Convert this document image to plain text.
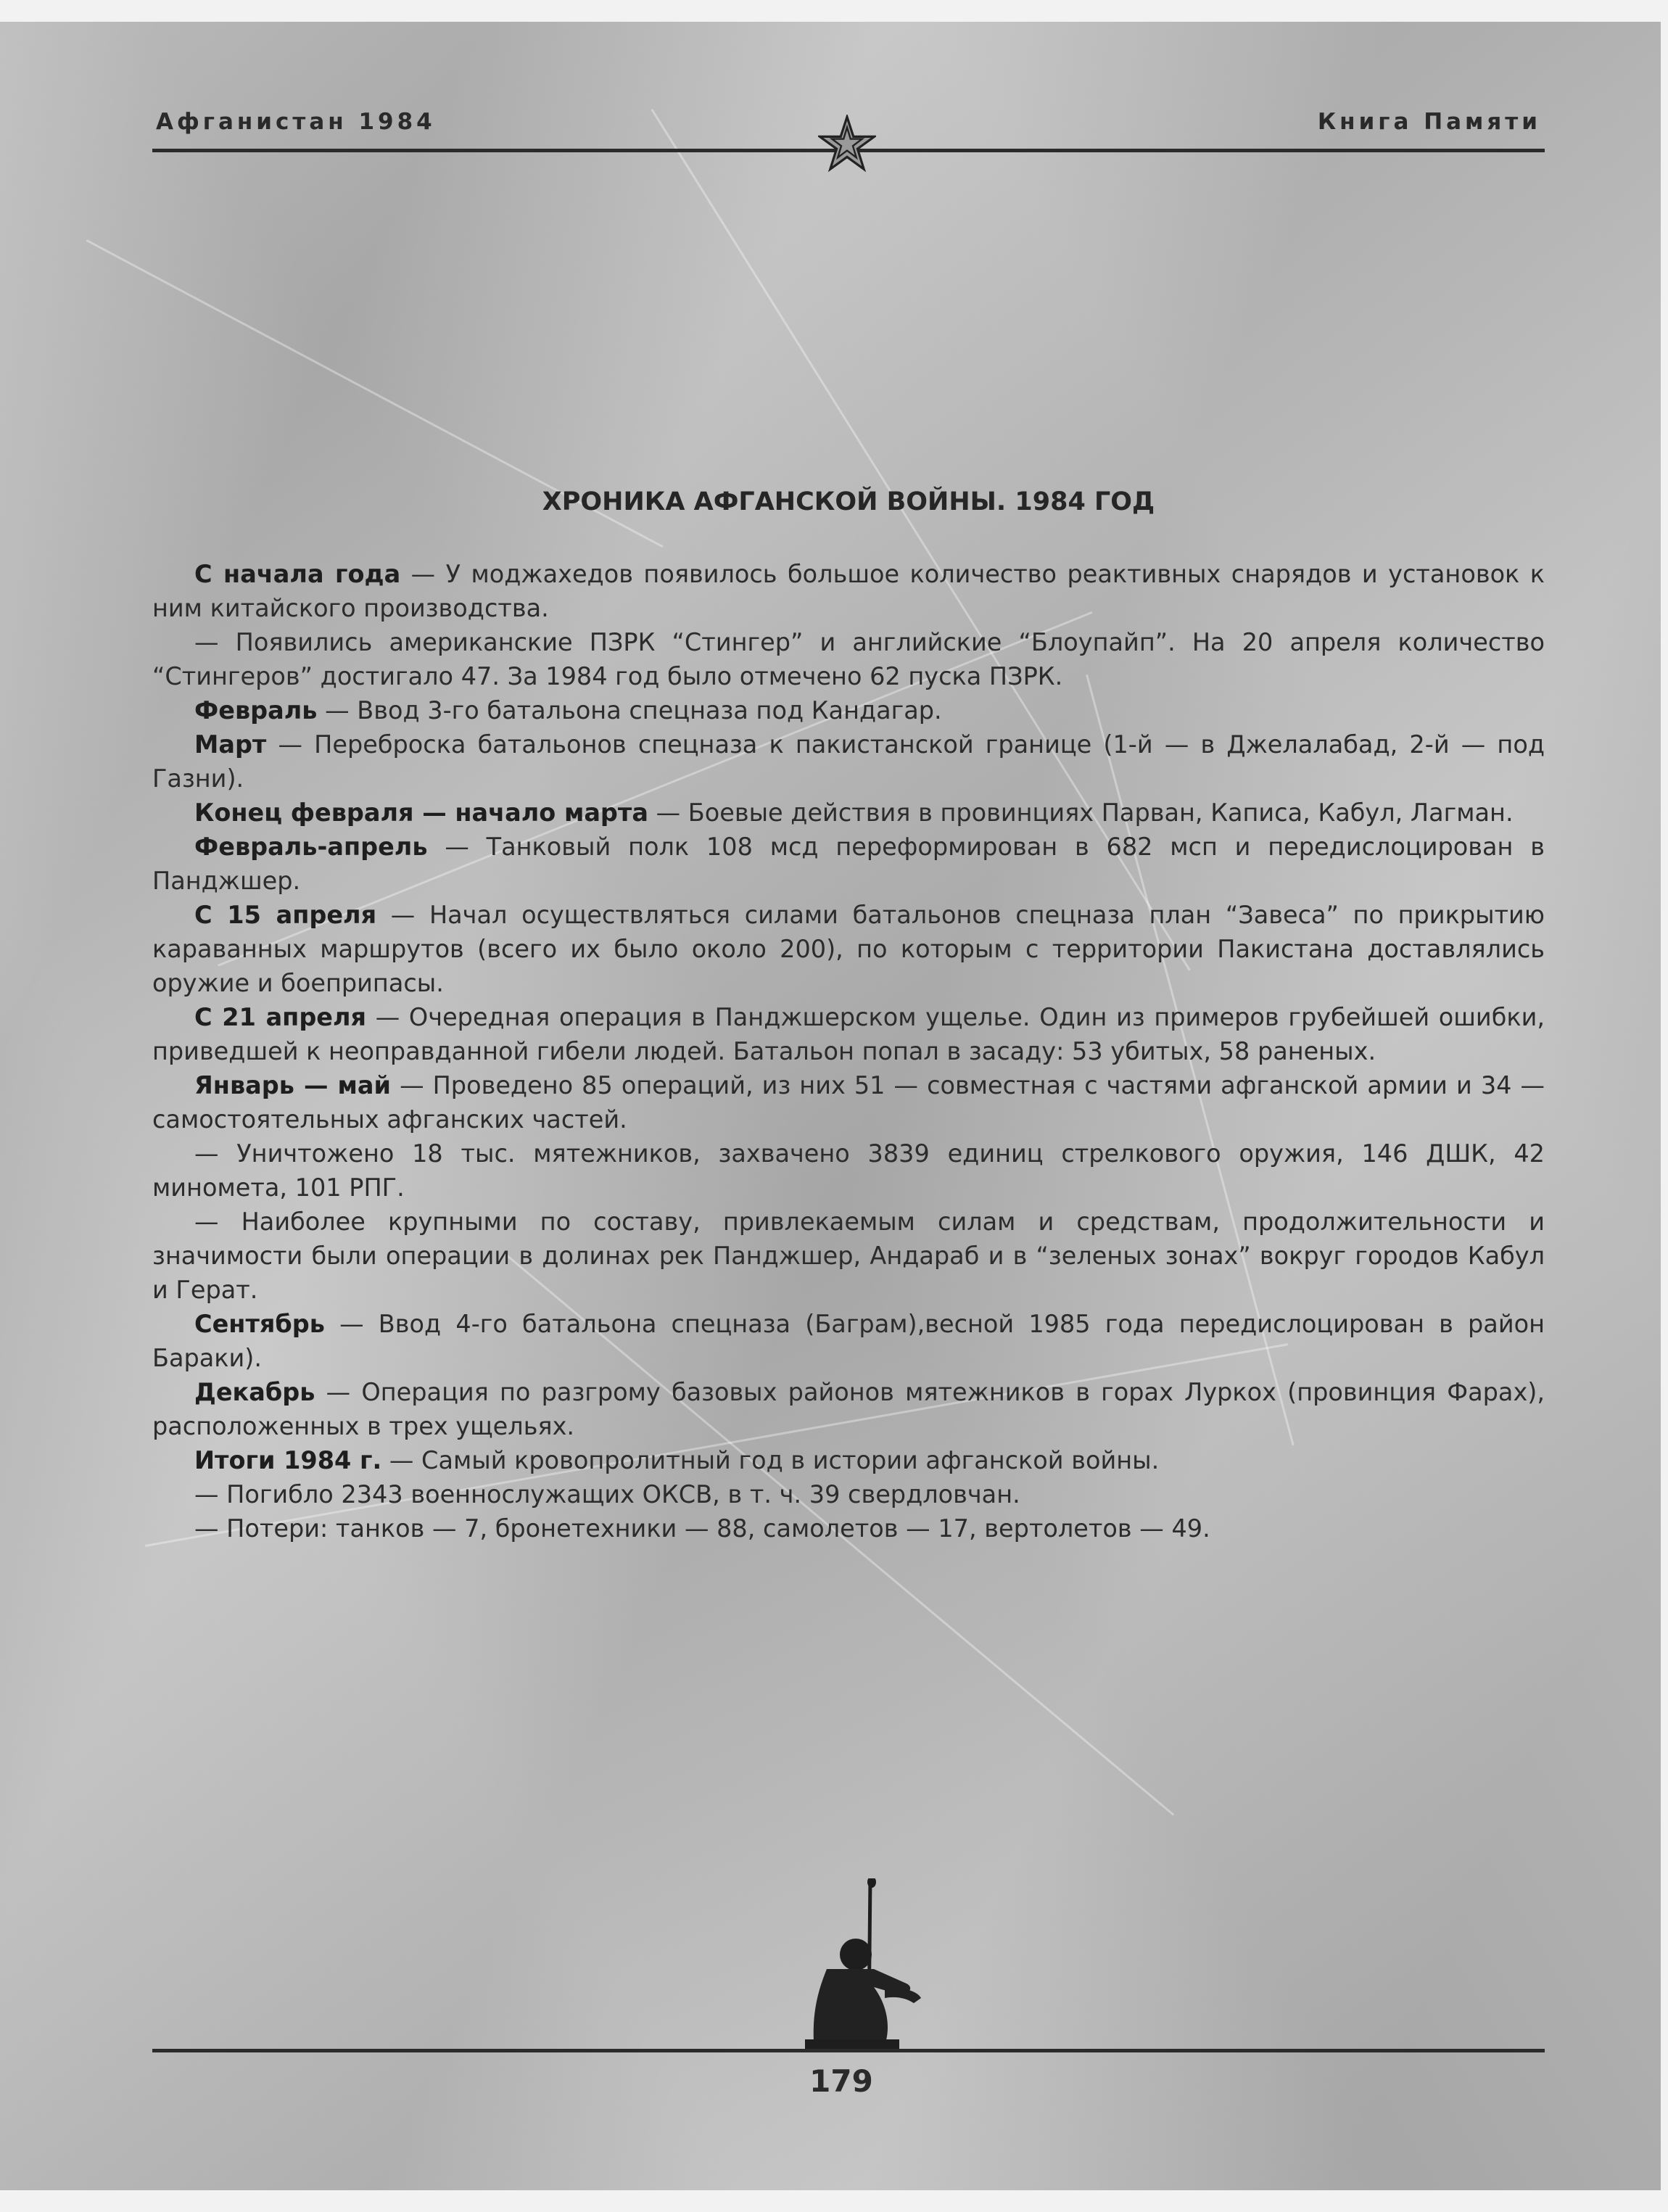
Афганистан 1984	Книга Памяти
ХРОНИКА АФГАНСКОЙ ВОЙНЫ. 1984 ГОД

С начала года — У моджахедов появилось большое количество реактивных снарядов и установок к ним китайского производства.

— Появились американские ПЗРК “Стингер” и английские “Блоупайп”. На 20 апреля количество “Стингеров” достигало 47. За 1984 год было отмечено 62 пуска ПЗРК.

Февраль — Ввод 3-го батальона спецназа под Кандагар.

Март — Переброска батальонов спецназа к пакистанской границе (1-й — в Джелалабад, 2-й — под Газни).

Конец февраля — начало марта — Боевые действия в провинциях Парван, Каписа, Кабул, Лагман.

Февраль-апрель — Танковый полк 108 мсд переформирован в 682 мсп и передислоцирован в Панджшер.

С 15 апреля — Начал осуществляться силами батальонов спецназа план “Завеса” по прикрытию караванных маршрутов (всего их было около 200), по которым с территории Пакистана доставлялись оружие и боеприпасы.

С 21 апреля — Очередная операция в Панджшерском ущелье. Один из примеров грубейшей ошибки, приведшей к неоправданной гибели людей. Батальон попал в засаду: 53 убитых, 58 раненых.

Январь — май — Проведено 85 операций, из них 51 — совместная с частями афганской армии и 34 — самостоятельных афганских частей.

— Уничтожено 18 тыс. мятежников, захвачено 3839 единиц стрелкового оружия, 146 ДШК, 42 миномета, 101 РПГ.

— Наиболее крупными по составу, привлекаемым силам и средствам, продолжительности и значимости были операции в долинах рек Панджшер, Андараб и в “зеленых зонах” вокруг городов Кабул и Герат.

Сентябрь — Ввод 4-го батальона спецназа (Баграм),весной 1985 года передислоцирован в район Бараки).

Декабрь — Операция по разгрому базовых районов мятежников в горах Луркох (провинция Фарах), расположенных в трех ущельях.

Итоги 1984 г. — Самый кровопролитный год в истории афганской войны.

— Погибло 2343 военнослужащих ОКСВ, в т. ч. 39 свердловчан.

— Потери: танков — 7, бронетехники — 88, самолетов — 17, вертолетов — 49.

179
